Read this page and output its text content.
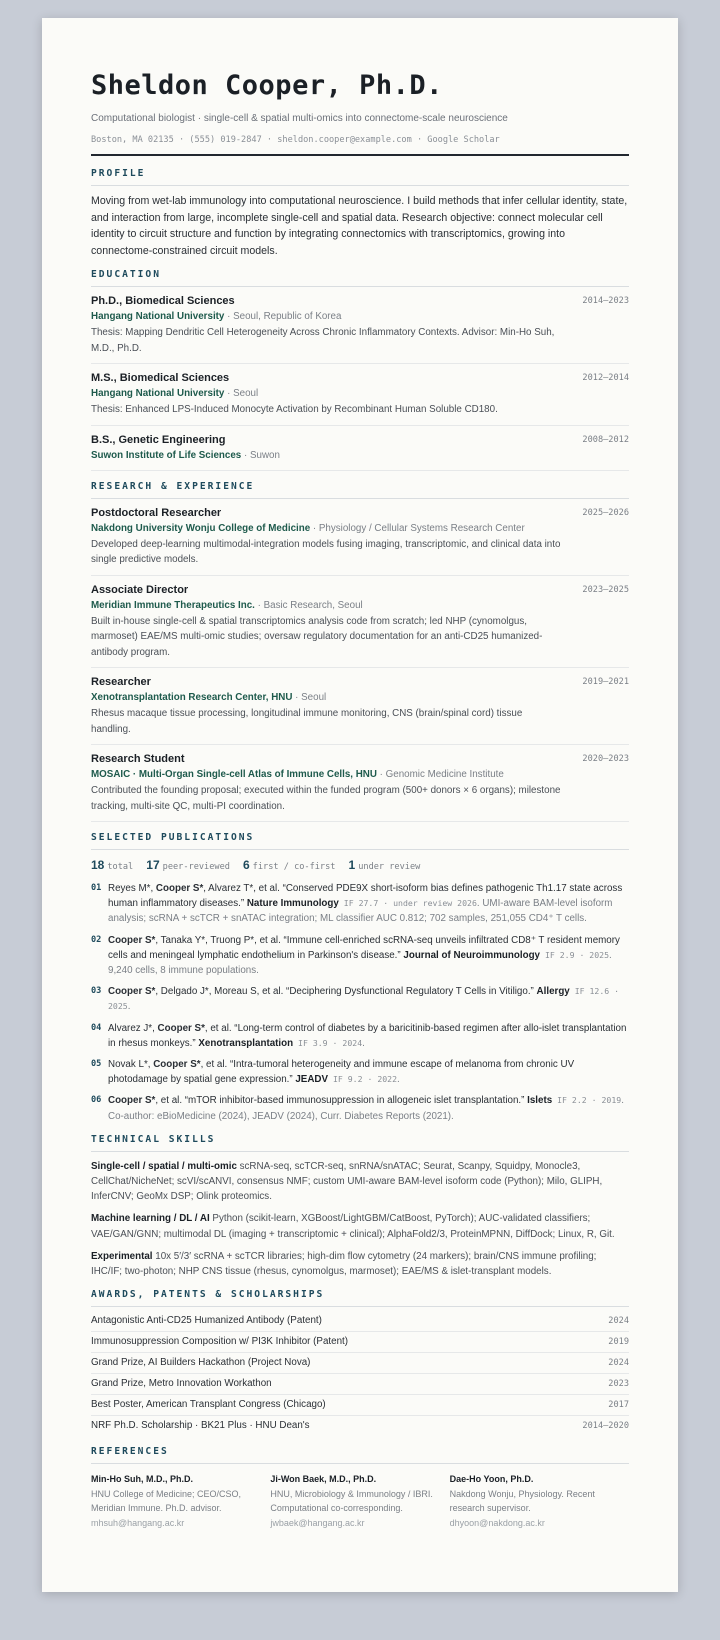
Sheldon Cooper, Ph.D.
Computational biologist · single-cell & spatial multi-omics into connectome-scale neuroscience
Boston, MA 02135 · (555) 019-2847 · sheldon.cooper@example.com · Google Scholar
PROFILE
Moving from wet-lab immunology into computational neuroscience. I build methods that infer cellular identity, state, and interaction from large, incomplete single-cell and spatial data. Research objective: connect molecular cell identity to circuit structure and function by integrating connectomics with transcriptomics, growing into connectome-constrained circuit models.
EDUCATION
Ph.D., Biomedical Sciences
Hangang National University · Seoul, Republic of Korea
Thesis: Mapping Dendritic Cell Heterogeneity Across Chronic Inflammatory Contexts. Advisor: Min-Ho Suh, M.D., Ph.D.
2014–2023
M.S., Biomedical Sciences
Hangang National University · Seoul
Thesis: Enhanced LPS-Induced Monocyte Activation by Recombinant Human Soluble CD180.
2012–2014
B.S., Genetic Engineering
Suwon Institute of Life Sciences · Suwon
2008–2012
RESEARCH & EXPERIENCE
Postdoctoral Researcher
Nakdong University Wonju College of Medicine · Physiology / Cellular Systems Research Center
Developed deep-learning multimodal-integration models fusing imaging, transcriptomic, and clinical data into single predictive models.
2025–2026
Associate Director
Meridian Immune Therapeutics Inc. · Basic Research, Seoul
Built in-house single-cell & spatial transcriptomics analysis code from scratch; led NHP (cynomolgus, marmoset) EAE/MS multi-omic studies; oversaw regulatory documentation for an anti-CD25 humanized-antibody program.
2023–2025
Researcher
Xenotransplantation Research Center, HNU · Seoul
Rhesus macaque tissue processing, longitudinal immune monitoring, CNS (brain/spinal cord) tissue handling.
2019–2021
Research Student
MOSAIC · Multi-Organ Single-cell Atlas of Immune Cells, HNU · Genomic Medicine Institute
Contributed the founding proposal; executed within the funded program (500+ donors × 6 organs); milestone tracking, multi-site QC, multi-PI coordination.
2020–2023
SELECTED PUBLICATIONS
18 total 17 peer-reviewed 6 first / co-first 1 under review
01 Reyes M*, Cooper S*, Alvarez T*, et al. “Conserved PDE9X short-isoform bias defines pathogenic Th1.17 state across human inflammatory diseases.” Nature Immunology IF 27.7 · under review 2026. UMI-aware BAM-level isoform analysis; scRNA + scTCR + snATAC integration; ML classifier AUC 0.812; 702 samples, 251,055 CD4⁺ T cells.
02 Cooper S*, Tanaka Y*, Truong P*, et al. “Immune cell-enriched scRNA-seq unveils infiltrated CD8⁺ T resident memory cells and meningeal lymphatic endothelium in Parkinson's disease.” Journal of Neuroimmunology IF 2.9 · 2025. 9,240 cells, 8 immune populations.
03 Cooper S*, Delgado J*, Moreau S, et al. “Deciphering Dysfunctional Regulatory T Cells in Vitiligo.” Allergy IF 12.6 · 2025.
04 Alvarez J*, Cooper S*, et al. “Long-term control of diabetes by a baricitinib-based regimen after allo-islet transplantation in rhesus monkeys.” Xenotransplantation IF 3.9 · 2024.
05 Novak L*, Cooper S*, et al. “Intra-tumoral heterogeneity and immune escape of melanoma from chronic UV photodamage by spatial gene expression.” JEADV IF 9.2 · 2022.
06 Cooper S*, et al. “mTOR inhibitor-based immunosuppression in allogeneic islet transplantation.” Islets IF 2.2 · 2019. Co-author: eBioMedicine (2024), JEADV (2024), Curr. Diabetes Reports (2021).
TECHNICAL SKILLS
Single-cell / spatial / multi-omic scRNA-seq, scTCR-seq, snRNA/snATAC; Seurat, Scanpy, Squidpy, Monocle3, CellChat/NicheNet; scVI/scANVI, consensus NMF; custom UMI-aware BAM-level isoform code (Python); Milo, GLIPH, InferCNV; GeoMx DSP; Olink proteomics.
Machine learning / DL / AI Python (scikit-learn, XGBoost/LightGBM/CatBoost, PyTorch); AUC-validated classifiers; VAE/GAN/GNN; multimodal DL (imaging + transcriptomic + clinical); AlphaFold2/3, ProteinMPNN, DiffDock; Linux, R, Git.
Experimental 10x 5′/3′ scRNA + scTCR libraries; high-dim flow cytometry (24 markers); brain/CNS immune profiling; IHC/IF; two-photon; NHP CNS tissue (rhesus, cynomolgus, marmoset); EAE/MS & islet-transplant models.
AWARDS, PATENTS & SCHOLARSHIPS
Antagonistic Anti-CD25 Humanized Antibody (Patent)	2024
Immunosuppression Composition w/ PI3K Inhibitor (Patent)	2019
Grand Prize, AI Builders Hackathon (Project Nova)	2024
Grand Prize, Metro Innovation Workathon	2023
Best Poster, American Transplant Congress (Chicago)	2017
NRF Ph.D. Scholarship · BK21 Plus · HNU Dean's	2014–2020
REFERENCES
Min-Ho Suh, M.D., Ph.D.
HNU College of Medicine; CEO/CSO, Meridian Immune. Ph.D. advisor.
mhsuh@hangang.ac.kr
Ji-Won Baek, M.D., Ph.D.
HNU, Microbiology & Immunology / IBRI. Computational co-corresponding.
jwbaek@hangang.ac.kr
Dae-Ho Yoon, Ph.D.
Nakdong Wonju, Physiology. Recent research supervisor.
dhyoon@nakdong.ac.kr
